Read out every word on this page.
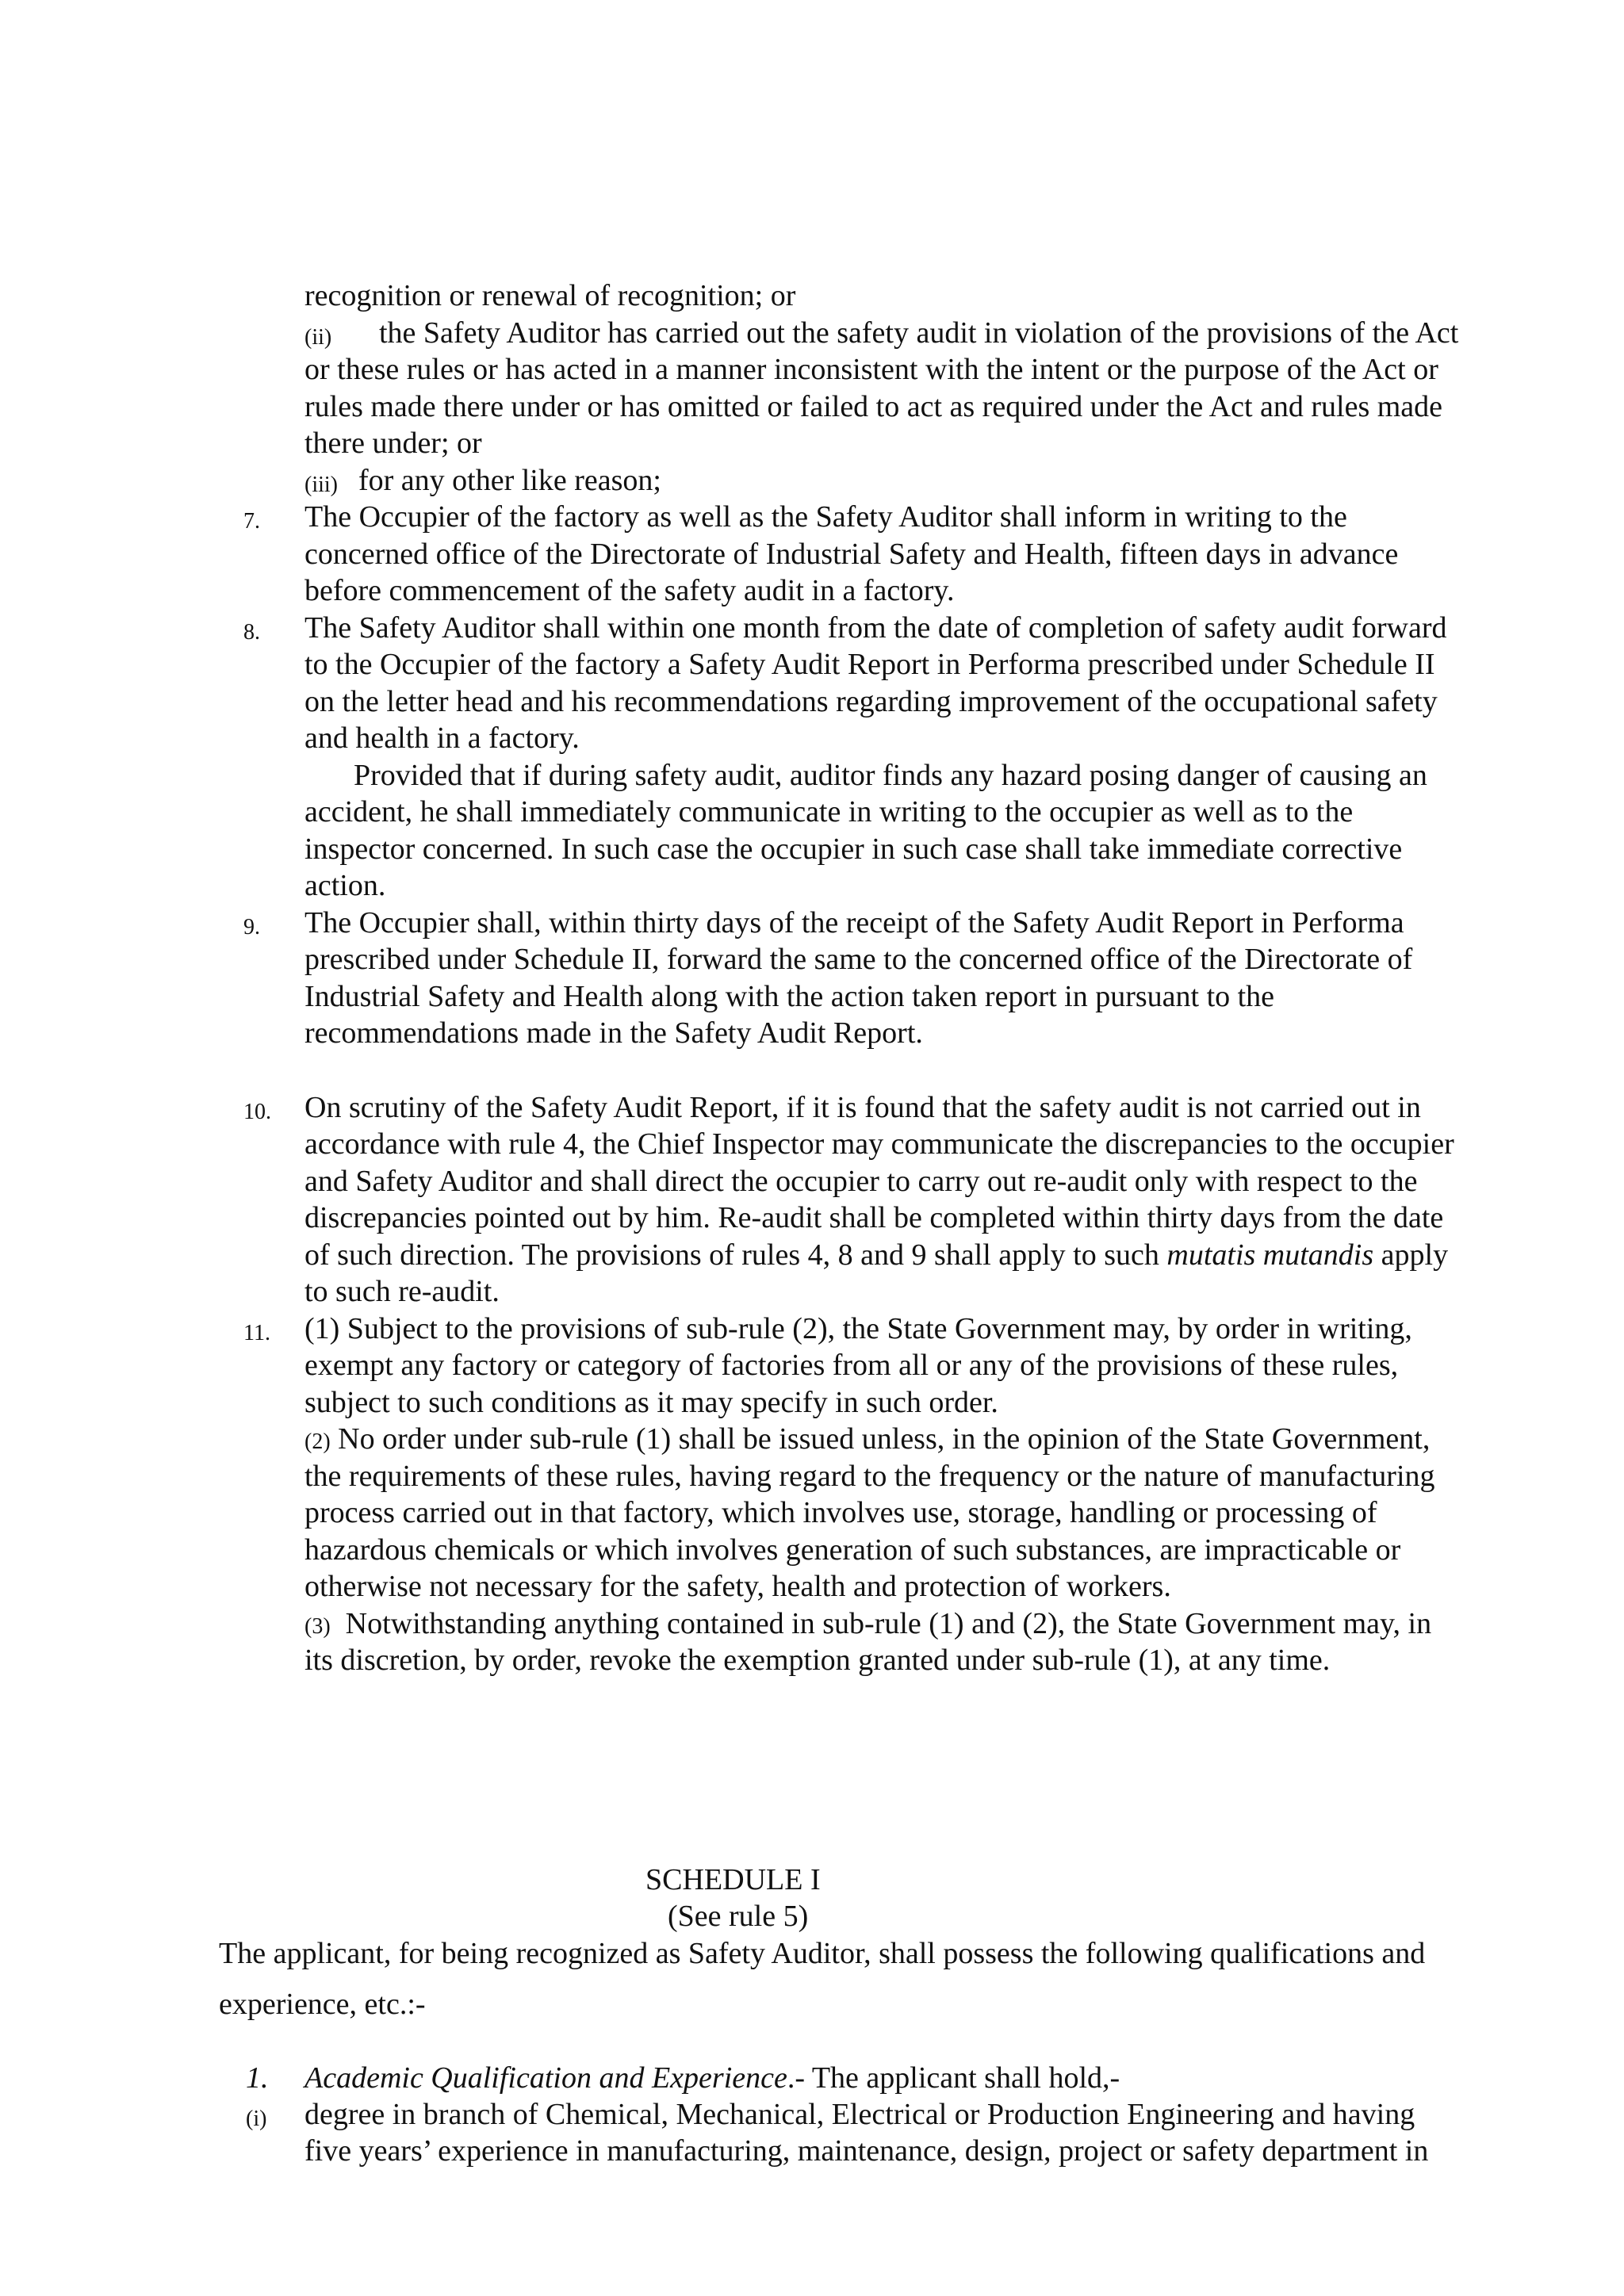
recognition or renewal of recognition; or
(ii) the Safety Auditor has carried out the safety audit in violation of the provisions of the Act
or these rules or has acted in a manner inconsistent with the intent or the purpose of the Act or
rules made there under or has omitted or failed to act as required under the Act and rules made
there under; or
(iii) for any other like reason;
7. The Occupier of the factory as well as the Safety Auditor shall inform in writing to the
concerned office of the Directorate of Industrial Safety and Health, fifteen days in advance
before commencement of the safety audit in a factory.
8. The Safety Auditor shall within one month from the date of completion of safety audit forward
to the Occupier of the factory a Safety Audit Report in Performa prescribed under Schedule II
on the letter head and his recommendations regarding improvement of the occupational safety
and health in a factory.
Provided that if during safety audit, auditor finds any hazard posing danger of causing an
accident, he shall immediately communicate in writing to the occupier as well as to the
inspector concerned. In such case the occupier in such case shall take immediate corrective
action.
9. The Occupier shall, within thirty days of the receipt of the Safety Audit Report in Performa
prescribed under Schedule II, forward the same to the concerned office of the Directorate of
Industrial Safety and Health along with the action taken report in pursuant to the
recommendations made in the Safety Audit Report.
10. On scrutiny of the Safety Audit Report, if it is found that the safety audit is not carried out in
accordance with rule 4, the Chief Inspector may communicate the discrepancies to the occupier
and Safety Auditor and shall direct the occupier to carry out re-audit only with respect to the
discrepancies pointed out by him. Re-audit shall be completed within thirty days from the date
of such direction. The provisions of rules 4, 8 and 9 shall apply to such mutatis mutandis apply
to such re-audit.
11. (1) Subject to the provisions of sub-rule (2), the State Government may, by order in writing,
exempt any factory or category of factories from all or any of the provisions of these rules,
subject to such conditions as it may specify in such order.
(2) No order under sub-rule (1) shall be issued unless, in the opinion of the State Government,
the requirements of these rules, having regard to the frequency or the nature of manufacturing
process carried out in that factory, which involves use, storage, handling or processing of
hazardous chemicals or which involves generation of such substances, are impracticable or
otherwise not necessary for the safety, health and protection of workers.
(3) Notwithstanding anything contained in sub-rule (1) and (2), the State Government may, in
its discretion, by order, revoke the exemption granted under sub-rule (1), at any time.
SCHEDULE I
(See rule 5)
The applicant, for being recognized as Safety Auditor, shall possess the following qualifications and
experience, etc.:-
1. Academic Qualification and Experience.- The applicant shall hold,-
(i) degree in branch of Chemical, Mechanical, Electrical or Production Engineering and having
five years’ experience in manufacturing, maintenance, design, project or safety department in
